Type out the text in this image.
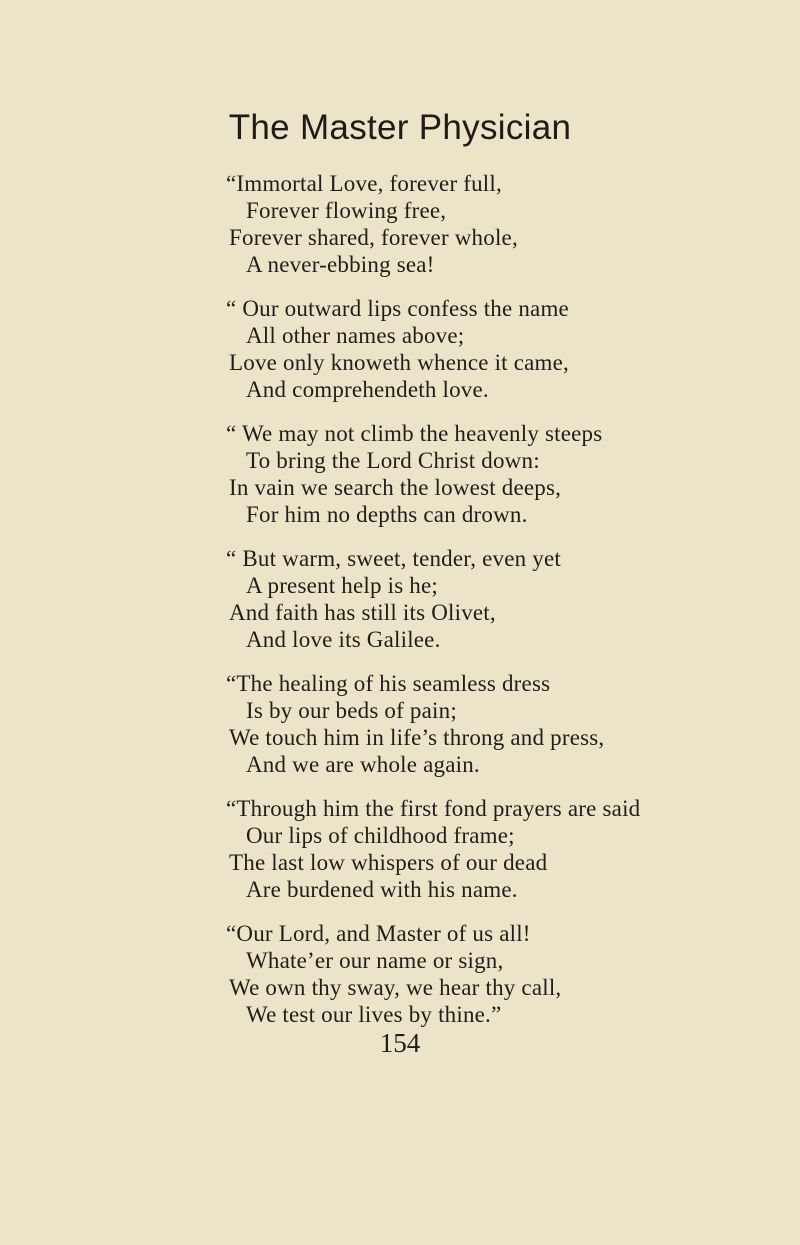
The Master Physician
“Immortal Love, forever full,
Forever flowing free,
Forever shared, forever whole,
A never-ebbing sea!
“ Our outward lips confess the name
All other names above;
Love only knoweth whence it came,
And comprehendeth love.
“ We may not climb the heavenly steeps
To bring the Lord Christ down:
In vain we search the lowest deeps,
For him no depths can drown.
“ But warm, sweet, tender, even yet
A present help is he;
And faith has still its Olivet,
And love its Galilee.
“The healing of his seamless dress
Is by our beds of pain;
We touch him in life’s throng and press,
And we are whole again.
“Through him the first fond prayers are said
Our lips of childhood frame;
The last low whispers of our dead
Are burdened with his name.
“Our Lord, and Master of us all!
Whate’er our name or sign,
We own thy sway, we hear thy call,
We test our lives by thine.”
154
